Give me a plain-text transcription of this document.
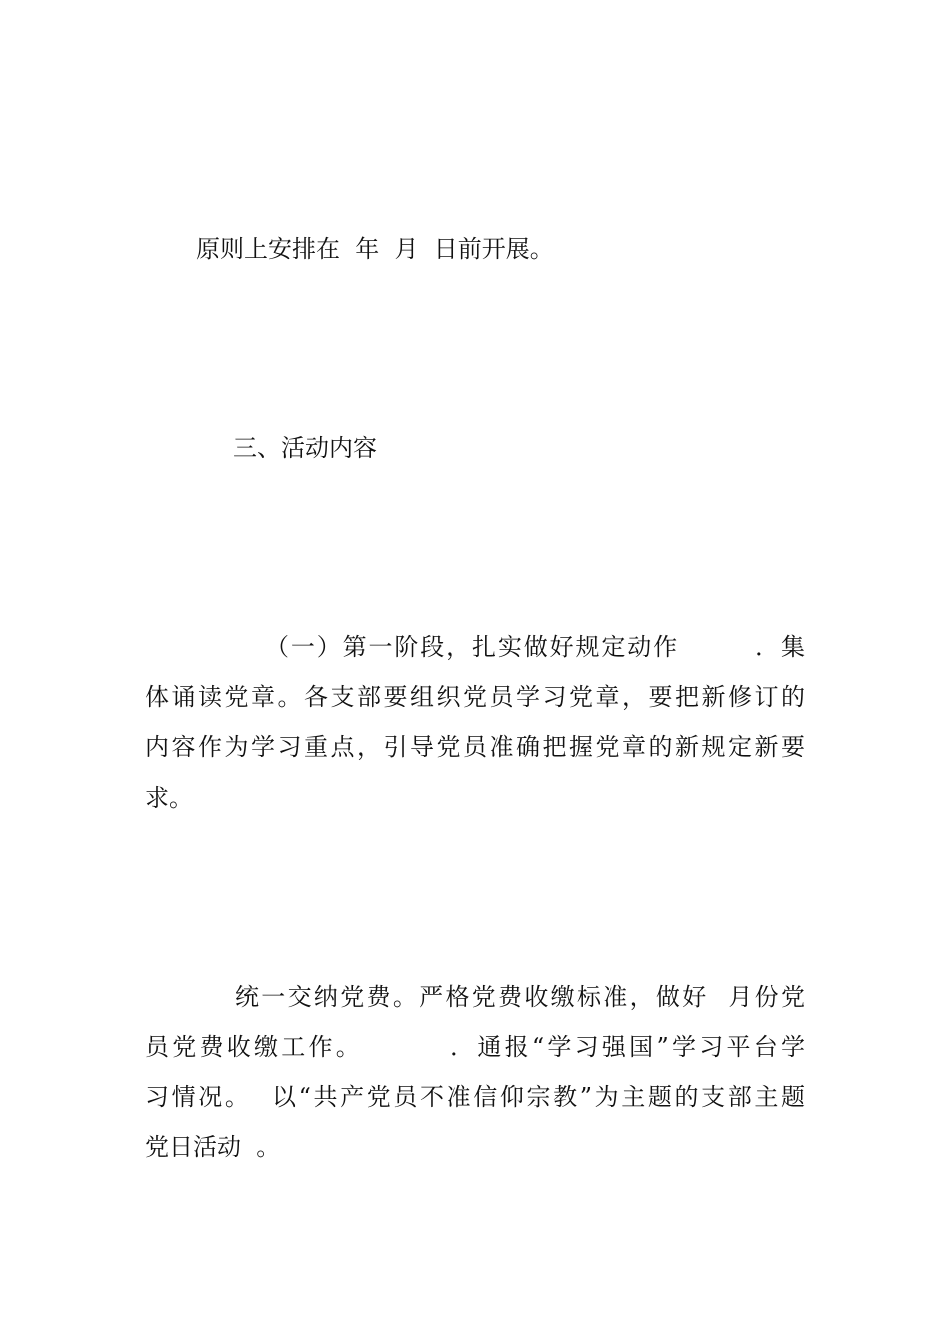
原则上安排在  年  月  日前开展。

三、活动内容

（一）第一阶段，扎实做好规定动作        ．集

体诵读党章。各支部要组织党员学习党章，要把新修订的

内容作为学习重点，引导党员准确把握党章的新规定新要

求。

统一交纳党费。严格党费收缴标准，做好  月份党

员党费收缴工作。        ．通报“学习强国”学习平台学

习情况。  以“共产党员不准信仰宗教”为主题的支部主题

党日活动  。
